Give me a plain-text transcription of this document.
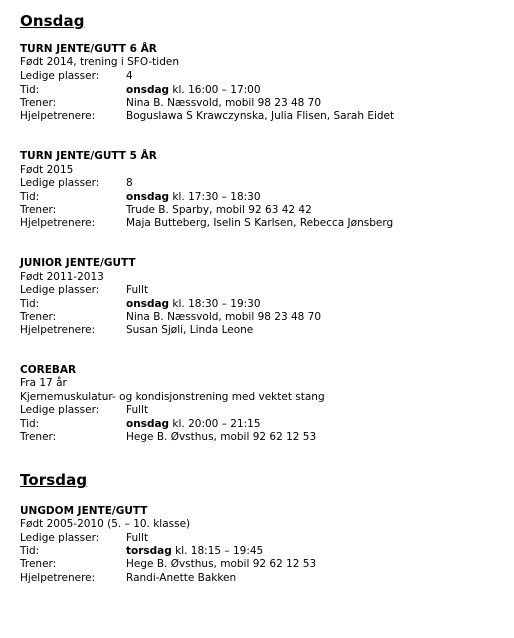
Onsdag
TURN JENTE/GUTT 6 ÅR
Født 2014, trening i SFO-tiden
Ledige plasser:	4
Tid:	onsdag kl. 16:00 – 17:00
Trener:	Nina B. Næssvold, mobil 98 23 48 70
Hjelpetrenere:	Boguslawa S Krawczynska, Julia Flisen, Sarah Eidet
TURN JENTE/GUTT 5 ÅR
Født 2015
Ledige plasser:	8
Tid:	onsdag kl. 17:30 – 18:30
Trener:	Trude B. Sparby, mobil 92 63 42 42
Hjelpetrenere:	Maja Butteberg, Iselin S Karlsen, Rebecca Jønsberg
JUNIOR JENTE/GUTT
Født 2011-2013
Ledige plasser:	Fullt
Tid:	onsdag kl. 18:30 – 19:30
Trener:	Nina B. Næssvold, mobil 98 23 48 70
Hjelpetrenere:	Susan Sjøli, Linda Leone
COREBAR
Fra 17 år
Kjernemuskulatur- og kondisjonstrening med vektet stang
Ledige plasser:	Fullt
Tid:	onsdag kl. 20:00 – 21:15
Trener:	Hege B. Øvsthus, mobil 92 62 12 53
Torsdag
UNGDOM JENTE/GUTT
Født 2005-2010 (5. – 10. klasse)
Ledige plasser:	Fullt
Tid:	torsdag kl. 18:15 – 19:45
Trener:	Hege B. Øvsthus, mobil 92 62 12 53
Hjelpetrenere:	Randi-Anette Bakken
